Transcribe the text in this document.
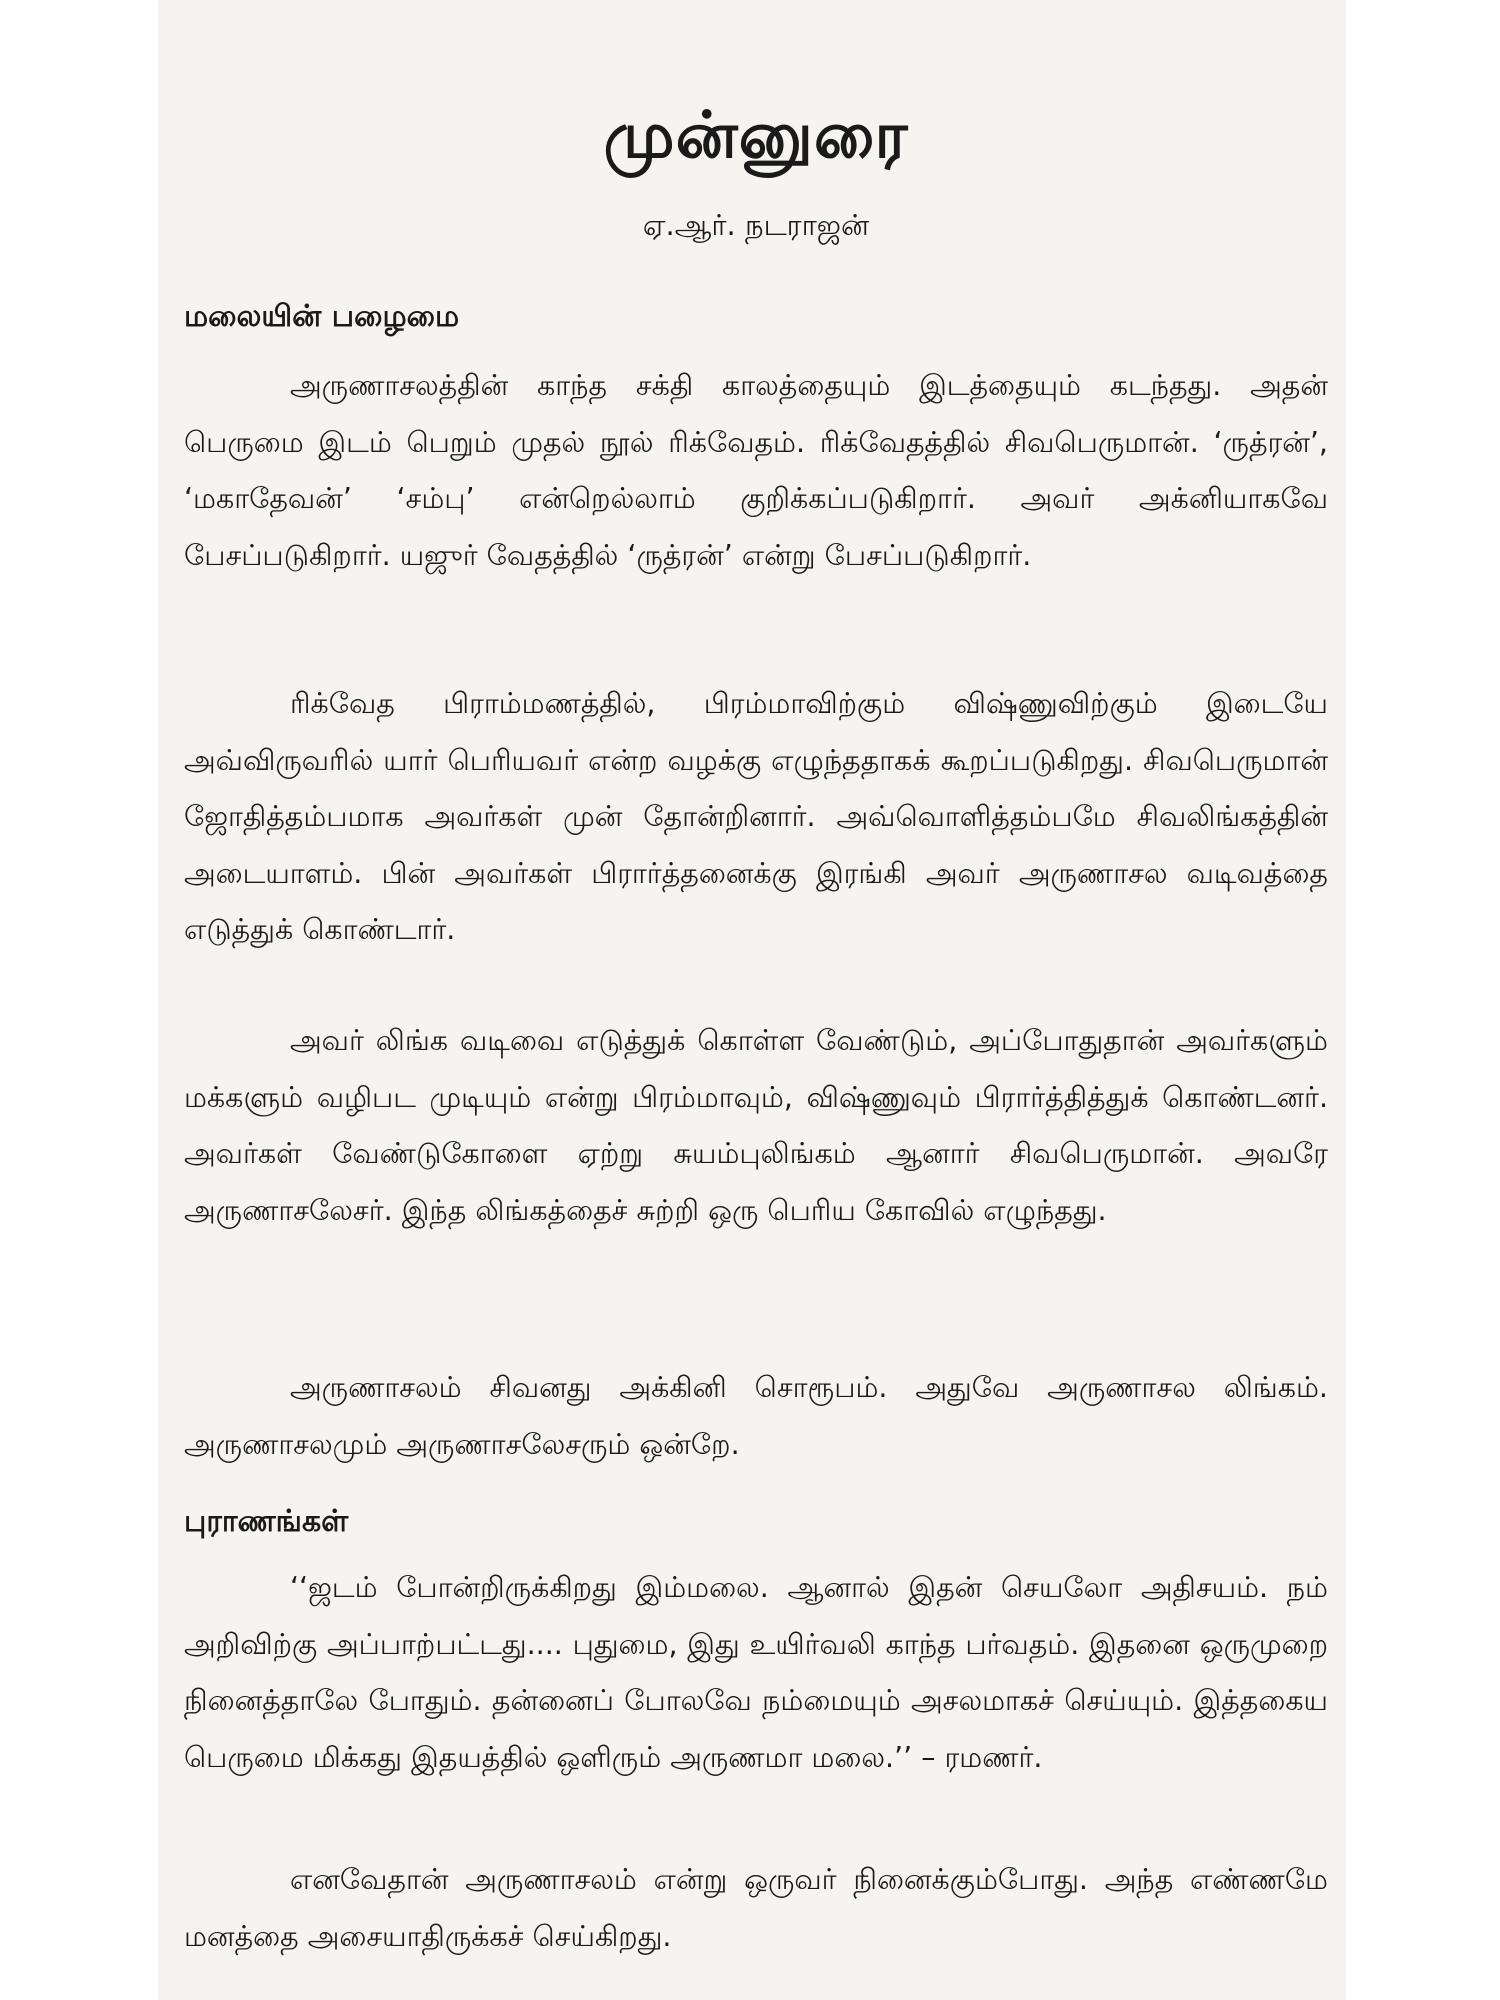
முன்னுரை
ஏ.ஆர். நடராஜன்
மலையின் பழைமை

அருணாசலத்தின் காந்த சக்தி காலத்தையும் இடத்தையும் கடந்தது. அதன் பெருமை இடம் பெறும் முதல் நூல் ரிக்வேதம். ரிக்வேதத்தில் சிவபெருமான். ‘ருத்ரன்’, ‘மகாதேவன்’ ‘சம்பு’ என்றெல்லாம் குறிக்கப்படுகிறார். அவர் அக்னியாகவே பேசப்படுகிறார். யஜுர் வேதத்தில் ‘ருத்ரன்’ என்று பேசப்படுகிறார்.

ரிக்வேத பிராம்மணத்தில், பிரம்மாவிற்கும் விஷ்ணுவிற்கும் இடையே அவ்விருவரில் யார் பெரியவர் என்ற வழக்கு எழுந்ததாகக் கூறப்படுகிறது. சிவபெருமான் ஜோதித்தம்பமாக அவர்கள் முன் தோன்றினார். அவ்வொளித்தம்பமே சிவலிங்கத்தின் அடையாளம். பின் அவர்கள் பிரார்த்தனைக்கு இரங்கி அவர் அருணாசல வடிவத்தை எடுத்துக் கொண்டார்.

அவர் லிங்க வடிவை எடுத்துக் கொள்ள வேண்டும், அப்போதுதான் அவர்களும் மக்களும் வழிபட முடியும் என்று பிரம்மாவும், விஷ்ணுவும் பிரார்த்தித்துக் கொண்டனர். அவர்கள் வேண்டுகோளை ஏற்று சுயம்புலிங்கம் ஆனார் சிவபெருமான். அவரே அருணாசலேசர். இந்த லிங்கத்தைச் சுற்றி ஒரு பெரிய கோவில் எழுந்தது.

அருணாசலம் சிவனது அக்கினி சொரூபம். அதுவே அருணாசல லிங்கம். அருணாசலமும் அருணாசலேசரும் ஒன்றே.

புராணங்கள்

‘‘ஜடம் போன்றிருக்கிறது இம்மலை. ஆனால் இதன் செயலோ அதிசயம். நம் அறிவிற்கு அப்பாற்பட்டது.... புதுமை, இது உயிர்வலி காந்த பர்வதம். இதனை ஒருமுறை நினைத்தாலே போதும். தன்னைப் போலவே நம்மையும் அசலமாகச் செய்யும். இத்தகைய பெருமை மிக்கது இதயத்தில் ஒளிரும் அருணமா மலை.’’ – ரமணர்.

எனவேதான் அருணாசலம் என்று ஒருவர் நினைக்கும்போது. அந்த எண்ணமே மனத்தை அசையாதிருக்கச் செய்கிறது.
